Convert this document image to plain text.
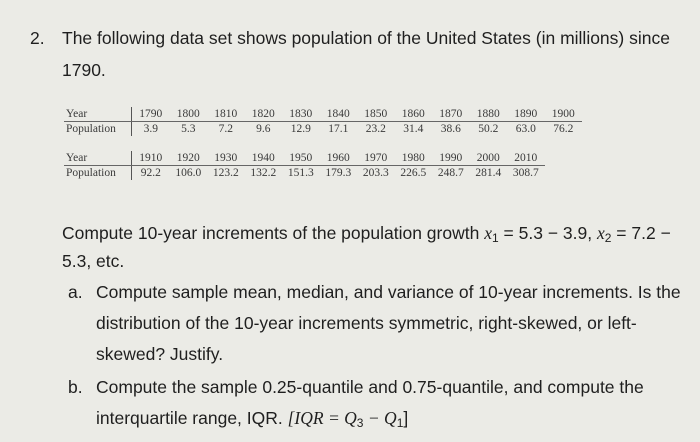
2. The following data set shows population of the United States (in millions) since
1790.
Year	1790	1800	1810	1820	1830	1840	1850	1860	1870	1880	1890	1900
Population	3.9	5.3	7.2	9.6	12.9	17.1	23.2	31.4	38.6	50.2	63.0	76.2
Year	1910	1920	1930	1940	1950	1960	1970	1980	1990	2000	2010
Population	92.2	106.0	123.2	132.2	151.3	179.3	203.3	226.5	248.7	281.4	308.7
Compute 10-year increments of the population growth $x_1 = 5.3 - 3.9$, $x_2 = 7.2$ −
5.3, etc.
a. Compute sample mean, median, and variance of 10-year increments. Is the
distribution of the 10-year increments symmetric, right-skewed, or left-
skewed? Justify.
b. Compute the sample 0.25-quantile and 0.75-quantile, and compute the
interquartile range, IQR. $[IQR = Q_3 - Q_1]$
